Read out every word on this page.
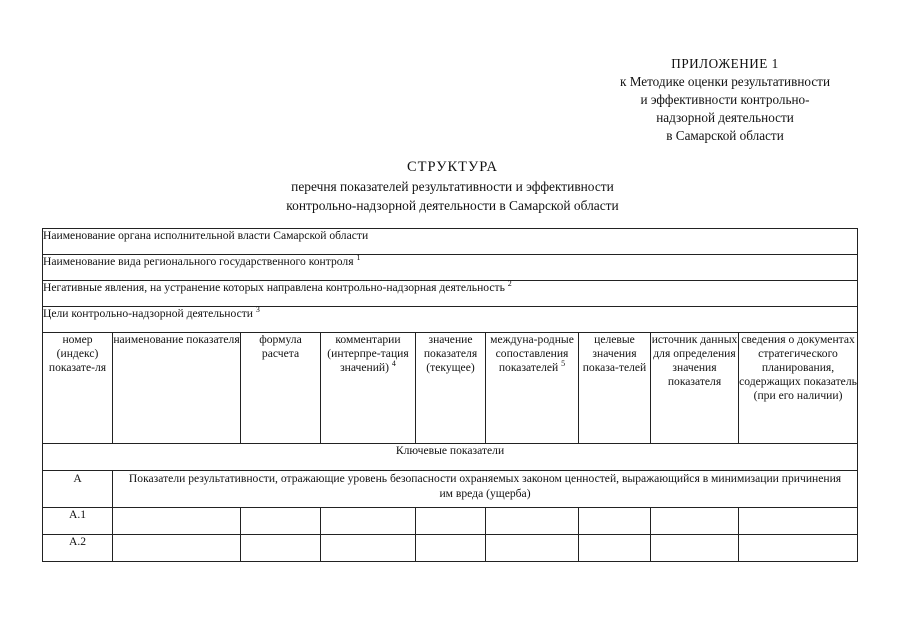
ПРИЛОЖЕНИЕ 1
к Методике оценки результативности
и эффективности контрольно-
надзорной деятельности
в Самарской области
СТРУКТУРА
перечня показателей результативности и эффективности
контрольно-надзорной деятельности в Самарской области
Наименование органа исполнительной власти Самарской области								
Наименование вида регионального государственного контроля $^1$
Негативные явления, на устранение которых направлена контрольно-надзорная деятельность $^2$
Цели контрольно-надзорной деятельности $^3$
номер (индекс) показате-ля	наименование показателя	формула расчета	комментарии (интерпре-тация значений) $^4$	значение показателя (текущее)	междуна-родные сопоставления показателей $^5$	целевые значения показа-телей	источник данных для определения значения показателя	сведения о документах стратегического планирования, содержащих показатель (при его наличии)
Ключевые показатели								
А	Показатели результативности, отражающие уровень безопасности охраняемых законом ценностей, выражающийся в минимизации причинения им вреда (ущерба)							
А.1								
А.2								
